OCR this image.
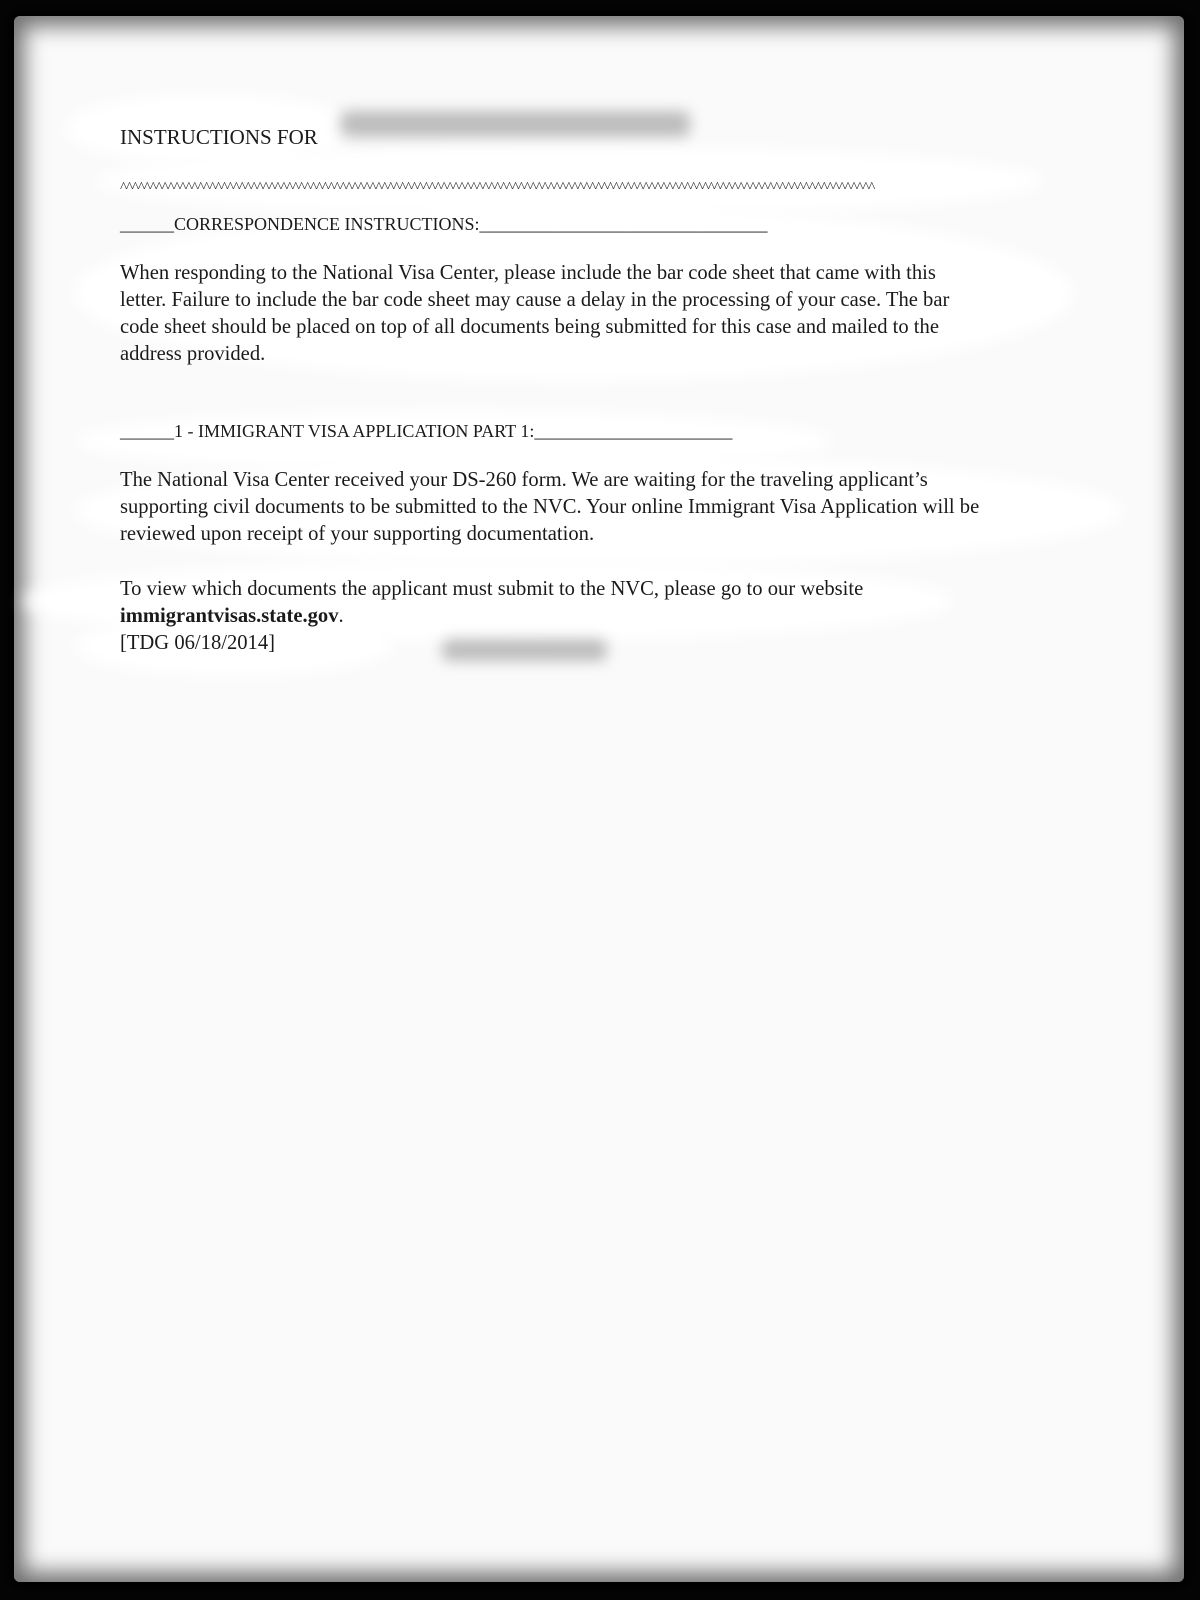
INSTRUCTIONS FOR
^^^^^^^^^^^^^^^^^^^^^^^^^^^^^^^^^^^^^^^^^^^^^^^^^^^^^^^^^^^^^^^^^^^^^^^^^^^^^^^^^^^^^^^^^^^^^^^^^^^^^^^^^^^^^^^^^^^^^^^^^^^^^^^
______CORRESPONDENCE INSTRUCTIONS:________________________________
When responding to the National Visa Center, please include the bar code sheet that came with this
letter. Failure to include the bar code sheet may cause a delay in the processing of your case. The bar
code sheet should be placed on top of all documents being submitted for this case and mailed to the
address provided.
______1 - IMMIGRANT VISA APPLICATION PART 1:______________________
The National Visa Center received your DS-260 form. We are waiting for the traveling applicant’s
supporting civil documents to be submitted to the NVC. Your online Immigrant Visa Application will be
reviewed upon receipt of your supporting documentation.
To view which documents the applicant must submit to the NVC, please go to our website
immigrantvisas.state.gov.
[TDG 06/18/2014]
